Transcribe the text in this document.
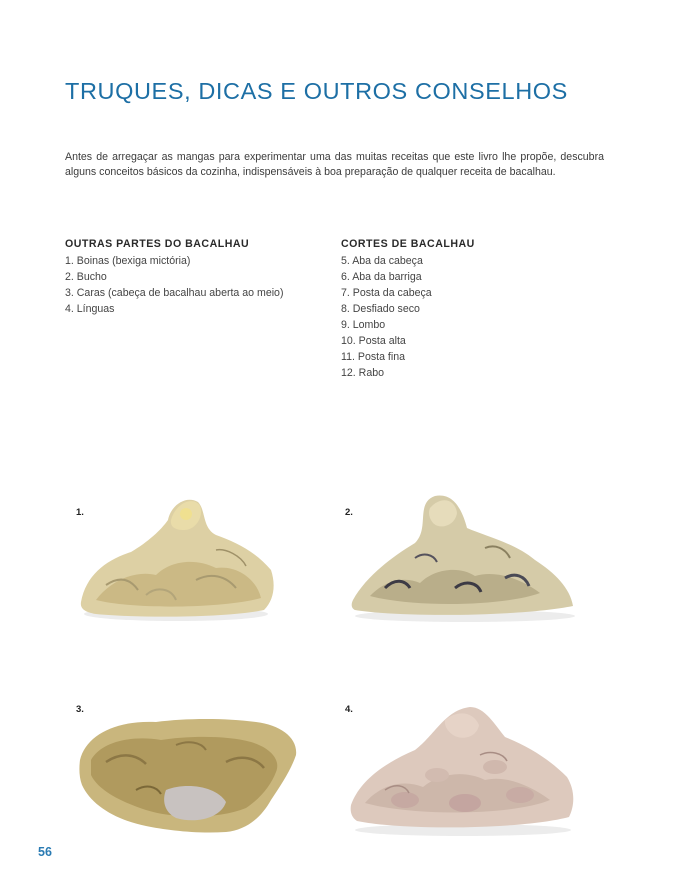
TRUQUES, DICAS E OUTROS CONSELHOS

Antes de arregaçar as mangas para experimentar uma das muitas receitas que este livro lhe propõe, descubra alguns conceitos básicos da cozinha, indispensáveis à boa preparação de qualquer receita de bacalhau.

OUTRAS PARTES DO BACALHAU
1. Boinas (bexiga mictória)
2. Bucho
3. Caras (cabeça de bacalhau aberta ao meio)
4. Línguas
CORTES DE BACALHAU
5. Aba da cabeça
6. Aba da barriga
7. Posta da cabeça
8. Desfiado seco
9. Lombo
10. Posta alta
11. Posta fina
12. Rabo
1.	2.
3.	4.
56
